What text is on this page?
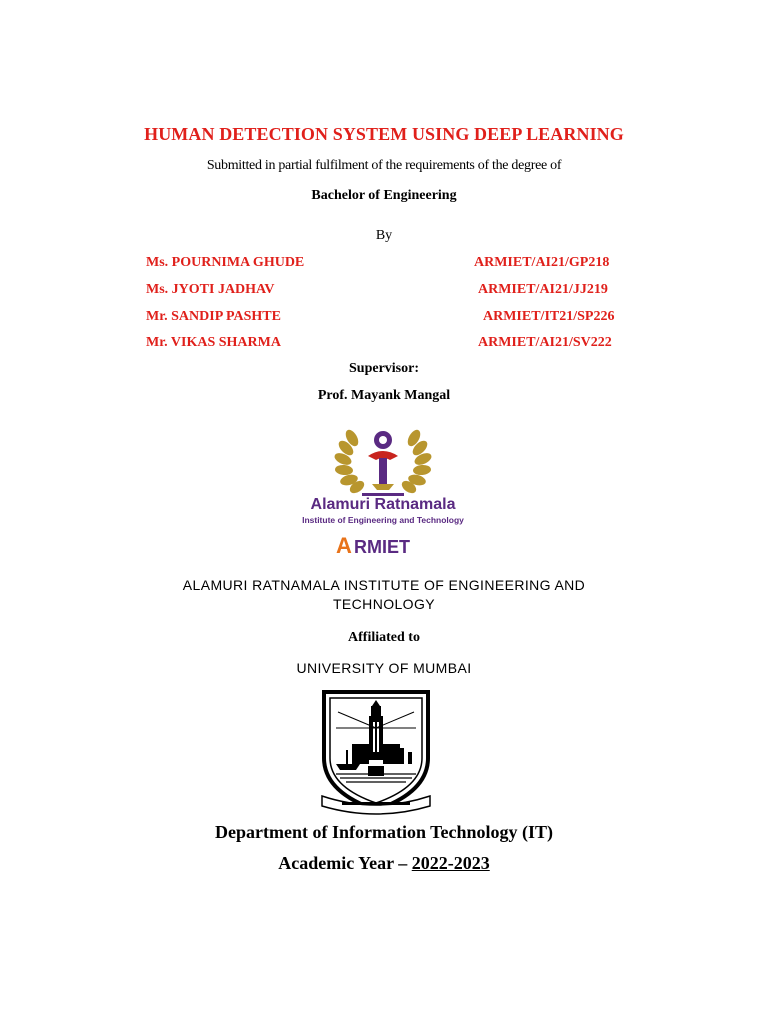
HUMAN DETECTION SYSTEM USING DEEP LEARNING
Submitted in partial fulfilment of the requirements of the degree of
Bachelor of Engineering
By
Ms. POURNIMA GHUDE	ARMIET/AI21/GP218
Ms. JYOTI JADHAV	ARMIET/AI21/JJ219
Mr. SANDIP PASHTE	ARMIET/IT21/SP226
Mr. VIKAS SHARMA	ARMIET/AI21/SV222
Supervisor:
Prof. Mayank Mangal
Alamuri Ratnamala
Institute of Engineering and Technology
A RMIET
ALAMURI RATNAMALA INSTITUTE OF ENGINEERING AND TECHNOLOGY
Affiliated to
UNIVERSITY OF MUMBAI
Department of Information Technology (IT)
Academic Year – 2022-2023
